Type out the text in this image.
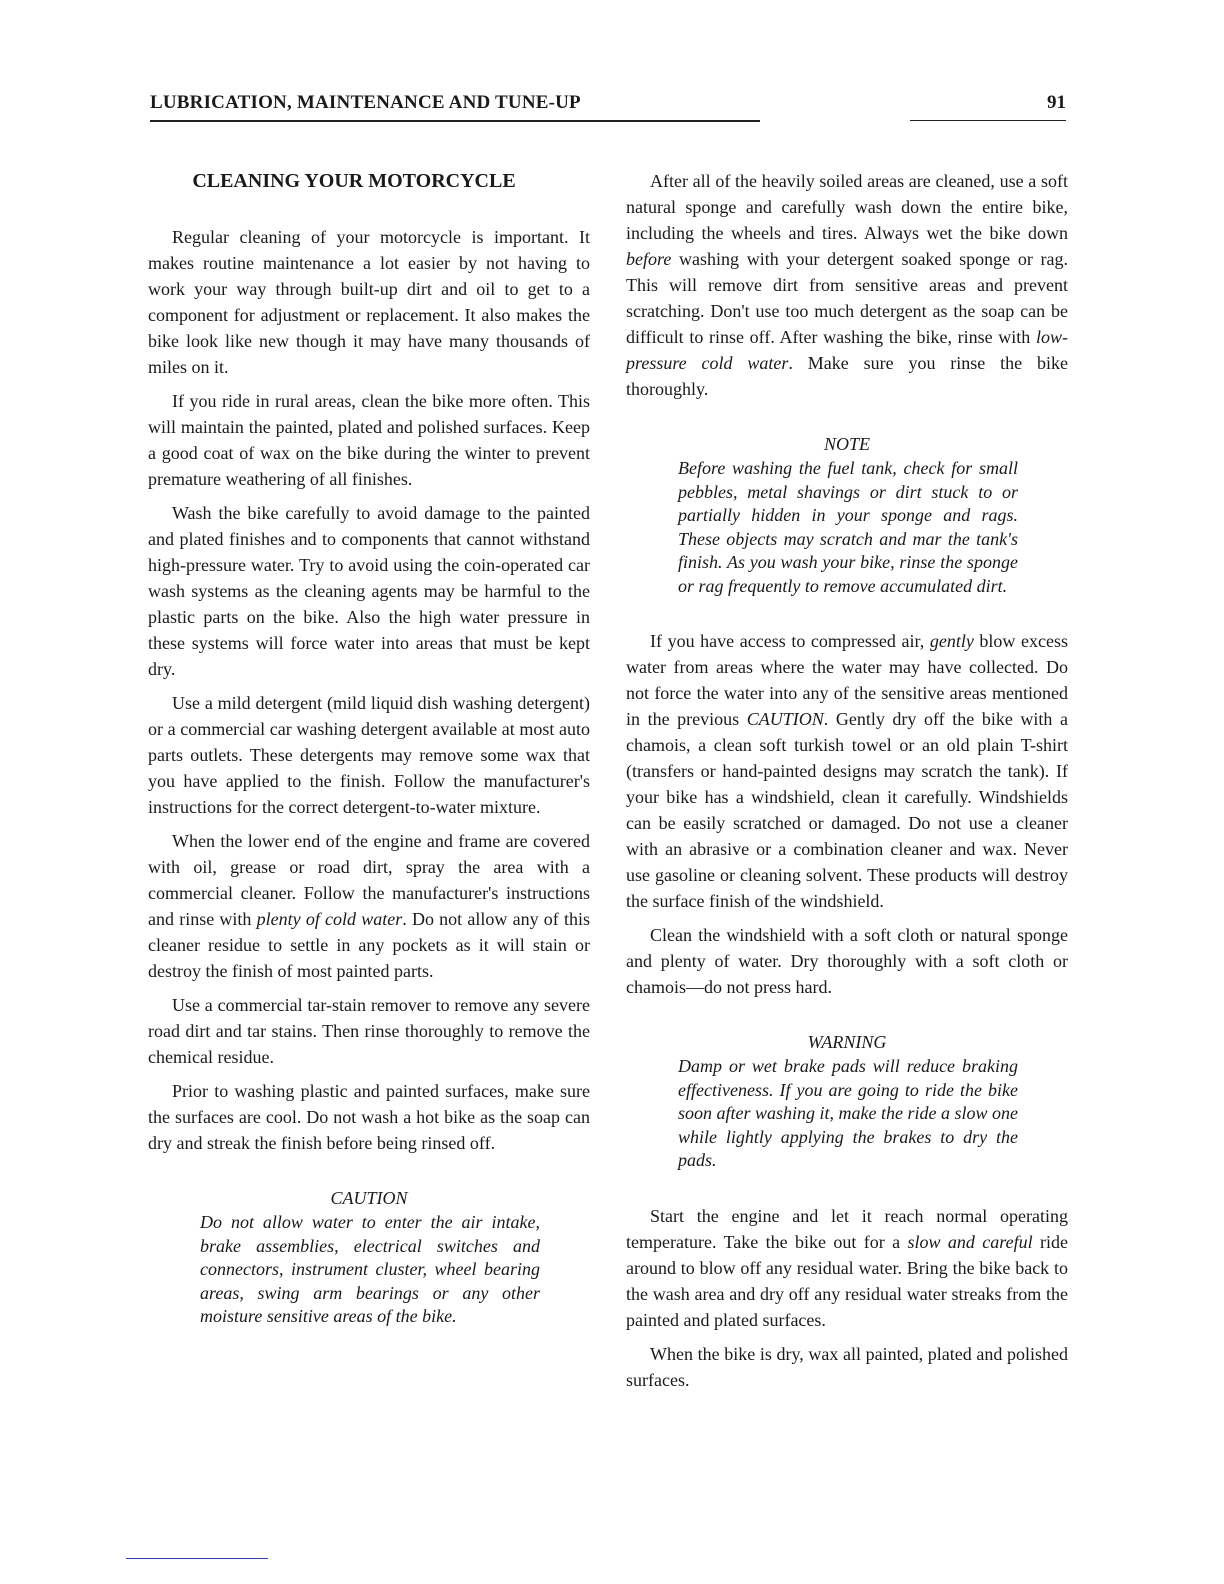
LUBRICATION, MAINTENANCE AND TUNE-UP	91
CLEANING YOUR MOTORCYCLE

Regular cleaning of your motorcycle is important. It makes routine maintenance a lot easier by not having to work your way through built-up dirt and oil to get to a component for adjustment or replacement. It also makes the bike look like new though it may have many thousands of miles on it.

If you ride in rural areas, clean the bike more often. This will maintain the painted, plated and polished surfaces. Keep a good coat of wax on the bike during the winter to prevent premature weathering of all finishes.

Wash the bike carefully to avoid damage to the painted and plated finishes and to components that cannot withstand high-pressure water. Try to avoid using the coin-operated car wash systems as the cleaning agents may be harmful to the plastic parts on the bike. Also the high water pressure in these systems will force water into areas that must be kept dry.

Use a mild detergent (mild liquid dish washing detergent) or a commercial car washing detergent available at most auto parts outlets. These detergents may remove some wax that you have applied to the finish. Follow the manufacturer's instructions for the correct detergent-to-water mixture.

When the lower end of the engine and frame are covered with oil, grease or road dirt, spray the area with a commercial cleaner. Follow the manufacturer's instructions and rinse with plenty of cold water. Do not allow any of this cleaner residue to settle in any pockets as it will stain or destroy the finish of most painted parts.

Use a commercial tar-stain remover to remove any severe road dirt and tar stains. Then rinse thoroughly to remove the chemical residue.

Prior to washing plastic and painted surfaces, make sure the surfaces are cool. Do not wash a hot bike as the soap can dry and streak the finish before being rinsed off.

CAUTION
Do not allow water to enter the air intake, brake assemblies, electrical switches and connectors, instrument cluster, wheel bearing areas, swing arm bearings or any other moisture sensitive areas of the bike.

After all of the heavily soiled areas are cleaned, use a soft natural sponge and carefully wash down the entire bike, including the wheels and tires. Always wet the bike down before washing with your detergent soaked sponge or rag. This will remove dirt from sensitive areas and prevent scratching. Don't use too much detergent as the soap can be difficult to rinse off. After washing the bike, rinse with low-pressure cold water. Make sure you rinse the bike thoroughly.

NOTE
Before washing the fuel tank, check for small pebbles, metal shavings or dirt stuck to or partially hidden in your sponge and rags. These objects may scratch and mar the tank's finish. As you wash your bike, rinse the sponge or rag frequently to remove accumulated dirt.

If you have access to compressed air, gently blow excess water from areas where the water may have collected. Do not force the water into any of the sensitive areas mentioned in the previous CAUTION. Gently dry off the bike with a chamois, a clean soft turkish towel or an old plain T-shirt (transfers or hand-painted designs may scratch the tank). If your bike has a windshield, clean it carefully. Windshields can be easily scratched or damaged. Do not use a cleaner with an abrasive or a combination cleaner and wax. Never use gasoline or cleaning solvent. These products will destroy the surface finish of the windshield.

Clean the windshield with a soft cloth or natural sponge and plenty of water. Dry thoroughly with a soft cloth or chamois—do not press hard.

WARNING
Damp or wet brake pads will reduce braking effectiveness. If you are going to ride the bike soon after washing it, make the ride a slow one while lightly applying the brakes to dry the pads.

Start the engine and let it reach normal operating temperature. Take the bike out for a slow and careful ride around to blow off any residual water. Bring the bike back to the wash area and dry off any residual water streaks from the painted and plated surfaces.

When the bike is dry, wax all painted, plated and polished surfaces.
